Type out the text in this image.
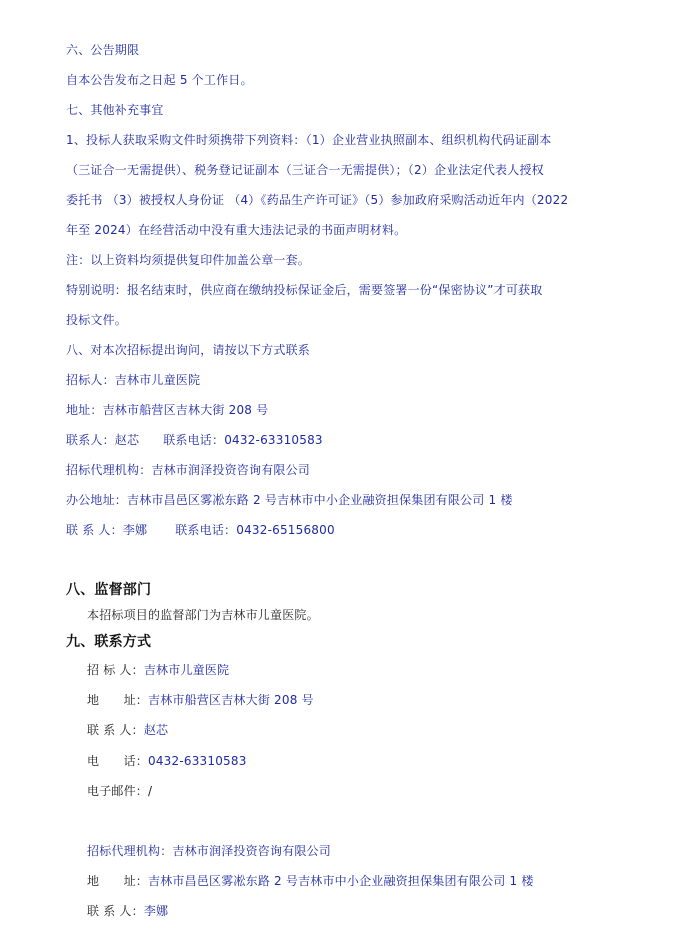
六、公告期限
自本公告发布之日起 5 个工作日。
七、其他补充事宜
1、投标人获取采购文件时须携带下列资料：（1）企业营业执照副本、组织机构代码证副本
（三证合一无需提供）、税务登记证副本（三证合一无需提供）；（2）企业法定代表人授权
委托书 （3）被授权人身份证 （4）《药品生产许可证》（5）参加政府采购活动近年内（2022
年至 2024）在经营活动中没有重大违法记录的书面声明材料。
注：以上资料均须提供复印件加盖公章一套。
特别说明：报名结束时，供应商在缴纳投标保证金后，需要签署一份“保密协议”才可获取
投标文件。
八、对本次招标提出询问，请按以下方式联系
招标人：吉林市儿童医院
地址：吉林市船营区吉林大街 208 号
联系人：赵芯 联系电话：0432-63310583
招标代理机构：吉林市润泽投资咨询有限公司
办公地址：吉林市昌邑区雾凇东路 2 号吉林市中小企业融资担保集团有限公司 1 楼
联 系 人：李娜 联系电话：0432-65156800
八、监督部门
本招标项目的监督部门为吉林市儿童医院。
九、联系方式
招 标 人：吉林市儿童医院
地　　址：吉林市船营区吉林大街 208 号
联 系 人：赵芯
电　　话：0432-63310583
电子邮件：/
招标代理机构：吉林市润泽投资咨询有限公司
地　　址：吉林市昌邑区雾凇东路 2 号吉林市中小企业融资担保集团有限公司 1 楼
联 系 人：李娜
